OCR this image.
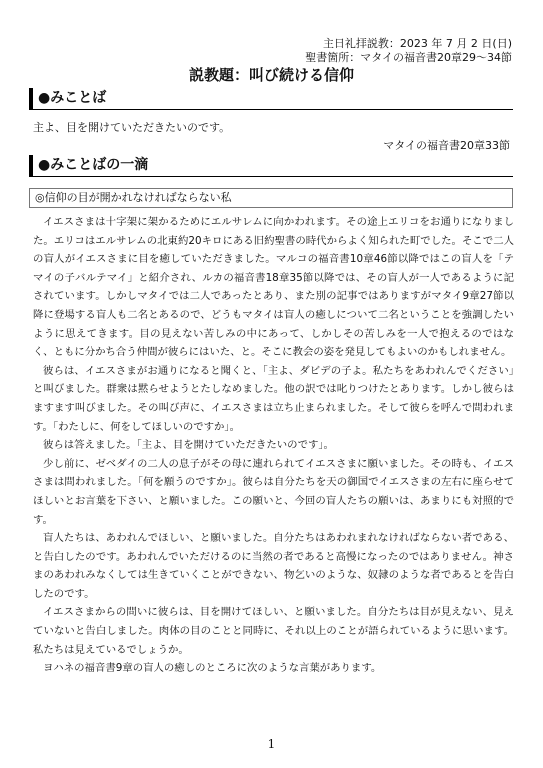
主日礼拝説教：2023 年 7 月 2 日(日)
聖書箇所：マタイの福音書20章29～34節
説教題：叫び続ける信仰
●みことば
主よ、目を開けていただきたいのです。
マタイの福音書20章33節
●みことばの一滴
◎信仰の目が開かれなければならない私

イエスさまは十字架に架かるためにエルサレムに向かわれます。その途上エリコをお通りになりました。エリコはエルサレムの北東約20キロにある旧約聖書の時代からよく知られた町でした。そこで二人の盲人がイエスさまに目を癒していただきました。マルコの福音書10章46節以降ではこの盲人を「テマイの子バルテマイ」と紹介され、ルカの福音書18章35節以降では、その盲人が一人であるように記されています。しかしマタイでは二人であったとあり、また別の記事ではありますがマタイ9章27節以降に登場する盲人も二名とあるので、どうもマタイは盲人の癒しについて二名ということを強調したいように思えてきます。目の見えない苦しみの中にあって、しかしその苦しみを一人で抱えるのではなく、ともに分かち合う仲間が彼らにはいた、と。そこに教会の姿を発見してもよいのかもしれません。

彼らは、イエスさまがお通りになると聞くと、「主よ、ダビデの子よ。私たちをあわれんでください」と叫びました。群衆は黙らせようとたしなめました。他の訳では叱りつけたとあります。しかし彼らはますます叫びました。その叫び声に、イエスさまは立ち止まられました。そして彼らを呼んで問われます。「わたしに、何をしてほしいのですか」。

彼らは答えました。「主よ、目を開けていただきたいのです」。

少し前に、ゼベダイの二人の息子がその母に連れられてイエスさまに願いました。その時も、イエスさまは問われました。「何を願うのですか」。彼らは自分たちを天の御国でイエスさまの左右に座らせてほしいとお言葉を下さい、と願いました。この願いと、今回の盲人たちの願いは、あまりにも対照的です。

盲人たちは、あわれんでほしい、と願いました。自分たちはあわれまれなければならない者である、と告白したのです。あわれんでいただけるのに当然の者であると高慢になったのではありません。神さまのあわれみなくしては生きていくことができない、物乞いのような、奴隷のような者であるとを告白したのです。

イエスさまからの問いに彼らは、目を開けてほしい、と願いました。自分たちは目が見えない、見えていないと告白しました。肉体の目のことと同時に、それ以上のことが語られているように思います。私たちは見えているでしょうか。

ヨハネの福音書9章の盲人の癒しのところに次のような言葉があります。

1
